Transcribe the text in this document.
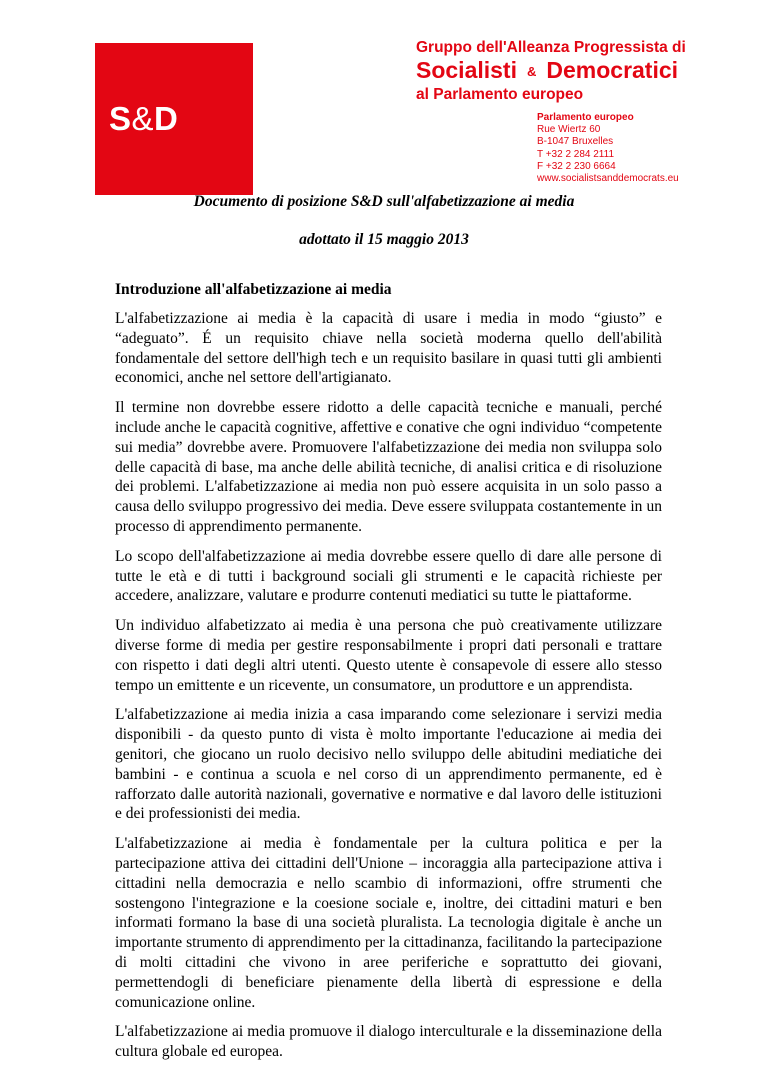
S&D
Gruppo dell'Alleanza Progressista di
Socialisti & Democratici
al Parlamento europeo
Parlamento europeo
Rue Wiertz 60
B-1047 Bruxelles
T +32 2 284 2111
F +32 2 230 6664
www.socialistsanddemocrats.eu
Documento di posizione S&D sull'alfabetizzazione ai media
adottato il 15 maggio 2013
Introduzione all'alfabetizzazione ai media

L'alfabetizzazione ai media è la capacità di usare i media in modo “giusto” e “adeguato”. É un requisito chiave nella società moderna quello dell'abilità fondamentale del settore dell'high tech e un requisito basilare in quasi tutti gli ambienti economici, anche nel settore dell'artigianato.

Il termine non dovrebbe essere ridotto a delle capacità tecniche e manuali, perché include anche le capacità cognitive, affettive e conative che ogni individuo “competente sui media” dovrebbe avere. Promuovere l'alfabetizzazione dei media non sviluppa solo delle capacità di base, ma anche delle abilità tecniche, di analisi critica e di risoluzione dei problemi. L'alfabetizzazione ai media non può essere acquisita in un solo passo a causa dello sviluppo progressivo dei media. Deve essere sviluppata costantemente in un processo di apprendimento permanente.

Lo scopo dell'alfabetizzazione ai media dovrebbe essere quello di dare alle persone di tutte le età e di tutti i background sociali gli strumenti e le capacità richieste per accedere, analizzare, valutare e produrre contenuti mediatici su tutte le piattaforme.

Un individuo alfabetizzato ai media è una persona che può creativamente utilizzare diverse forme di media per gestire responsabilmente i propri dati personali e trattare con rispetto i dati degli altri utenti. Questo utente è consapevole di essere allo stesso tempo un emittente e un ricevente, un consumatore, un produttore e un apprendista.

L'alfabetizzazione ai media inizia a casa imparando come selezionare i servizi media disponibili - da questo punto di vista è molto importante l'educazione ai media dei genitori, che giocano un ruolo decisivo nello sviluppo delle abitudini mediatiche dei bambini - e continua a scuola e nel corso di un apprendimento permanente, ed è rafforzato dalle autorità nazionali, governative e normative e dal lavoro delle istituzioni e dei professionisti dei media.

L'alfabetizzazione ai media è fondamentale per la cultura politica e per la partecipazione attiva dei cittadini dell'Unione – incoraggia alla partecipazione attiva i cittadini nella democrazia e nello scambio di informazioni, offre strumenti che sostengono l'integrazione e la coesione sociale e, inoltre, dei cittadini maturi e ben informati formano la base di una società pluralista. La tecnologia digitale è anche un importante strumento di apprendimento per la cittadinanza, facilitando la partecipazione di molti cittadini che vivono in aree periferiche e soprattutto dei giovani, permettendogli di beneficiare pienamente della libertà di espressione e della comunicazione online.

L'alfabetizzazione ai media promuove il dialogo interculturale e la disseminazione della cultura globale ed europea.
